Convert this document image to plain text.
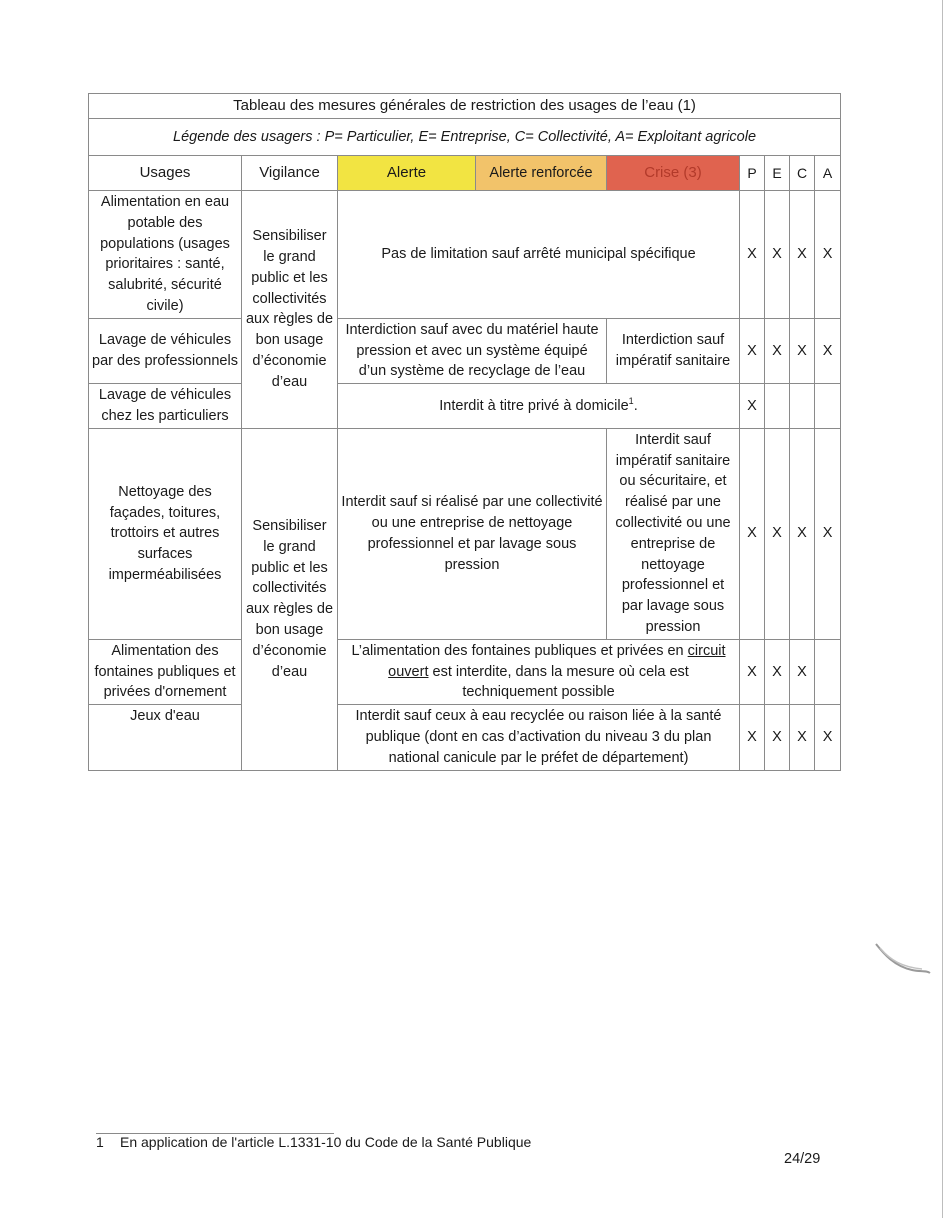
Tableau des mesures générales de restriction des usages de l’eau (1)								
Légende des usagers : P= Particulier, E= Entreprise, C= Collectivité, A= Exploitant agricole								
Usages	Vigilance	Alerte	Alerte renforcée	Crise (3)	P	E	C	A
Alimentation en eau potable des populations (usages prioritaires : santé, salubrité, sécurité civile)	Sensibiliser le grand public et les collectivités aux règles de bon usage d’économie d’eau	Pas de limitation sauf arrêté municipal spécifique			X	X	X	X
Lavage de véhicules par des professionnels		Interdiction sauf avec du matériel haute pression et avec un système équipé d’un système de recyclage de l’eau		Interdiction sauf impératif sanitaire	X	X	X	X
Lavage de véhicules chez les particuliers		Interdit à titre privé à domicile$^1$.			X			
Nettoyage des façades, toitures, trottoirs et autres surfaces imperméabilisées	Sensibiliser le grand public et les collectivités aux règles de bon usage d’économie d’eau	Interdit sauf si réalisé par une collectivité ou une entreprise de nettoyage professionnel et par lavage sous pression		Interdit sauf impératif sanitaire ou sécuritaire, et réalisé par une collectivité ou une entreprise de nettoyage professionnel et par lavage sous pression	X	X	X	X
Alimentation des fontaines publiques et privées d'ornement		L’alimentation des fontaines publiques et privées en circuit ouvert est interdite, dans la mesure où cela est techniquement possible			X	X	X	
Jeux d'eau		Interdit sauf ceux à eau recyclée ou raison liée à la santé publique (dont en cas d’activation du niveau 3 du plan national canicule par le préfet de département)			X	X	X	X
1 En application de l'article L.1331-10 du Code de la Santé Publique
24/29
